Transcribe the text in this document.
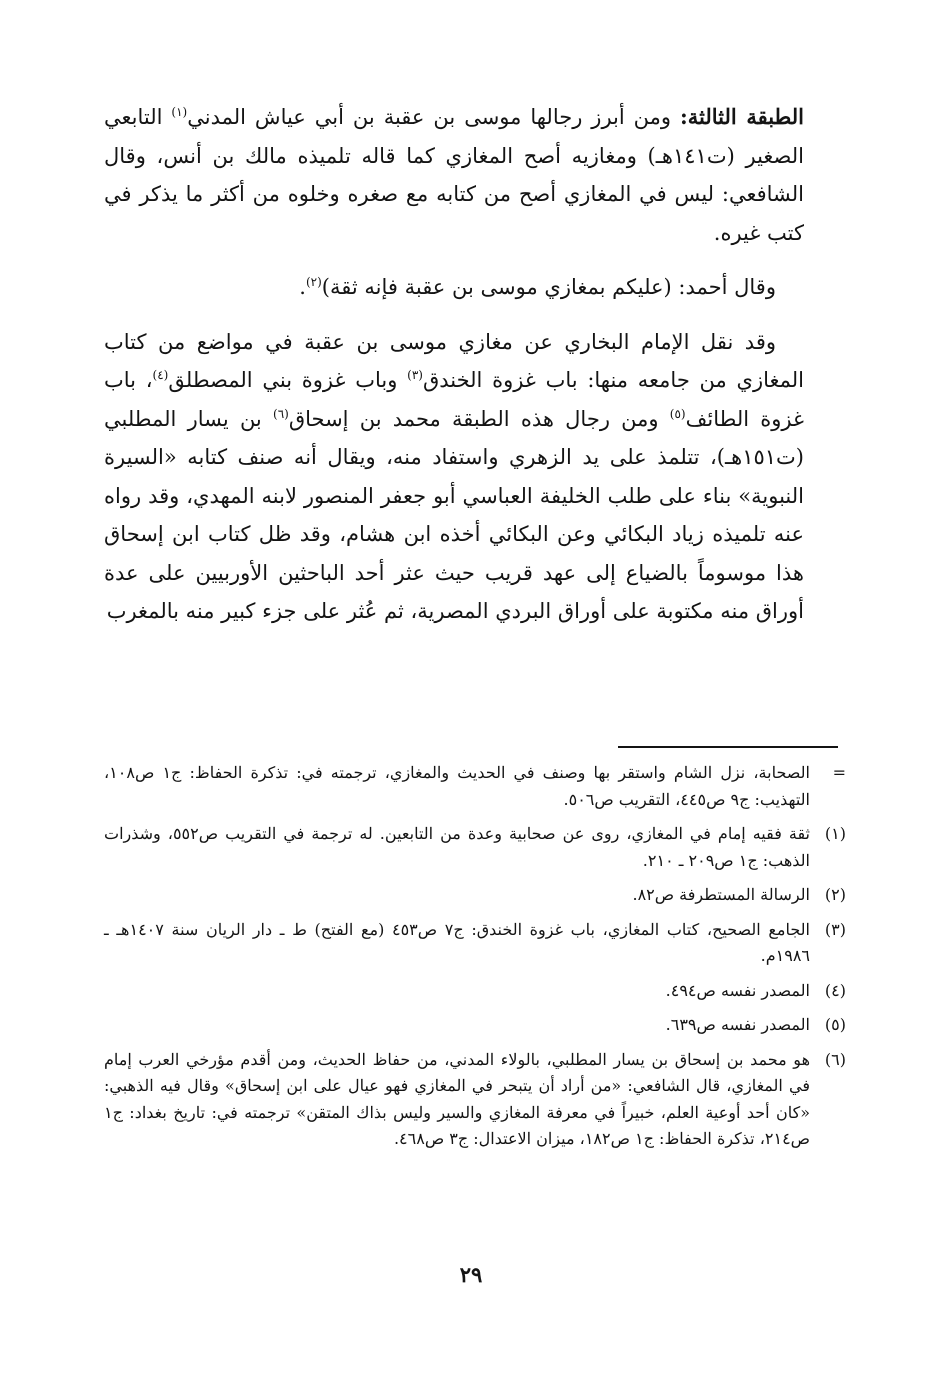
الطبقة الثالثة: ومن أبرز رجالها موسى بن عقبة بن أبي عياش المدني$^{(١)}$ التابعي الصغير (ت١٤١هـ) ومغازيه أصح المغازي كما قاله تلميذه مالك بن أنس، وقال الشافعي: ليس في المغازي أصح من كتابه مع صغره وخلوه من أكثر ما يذكر في كتب غيره.

وقال أحمد: (عليكم بمغازي موسى بن عقبة فإنه ثقة)$^{(٢)}$.

وقد نقل الإمام البخاري عن مغازي موسى بن عقبة في مواضع من كتاب المغازي من جامعه منها: باب غزوة الخندق$^{(٣)}$ وباب غزوة بني المصطلق$^{(٤)}$، باب غزوة الطائف$^{(٥)}$ ومن رجال هذه الطبقة محمد بن إسحاق$^{(٦)}$ بن يسار المطلبي (ت١٥١هـ)، تتلمذ على يد الزهري واستفاد منه، ويقال أنه صنف كتابه «السيرة النبوية» بناء على طلب الخليفة العباسي أبو جعفر المنصور لابنه المهدي، وقد رواه عنه تلميذه زياد البكائي وعن البكائي أخذه ابن هشام، وقد ظل كتاب ابن إسحاق هذا موسوماً بالضياع إلى عهد قريب حيث عثر أحد الباحثين الأوربيين على عدة أوراق منه مكتوبة على أوراق البردي المصرية، ثم عُثر على جزء كبير منه بالمغرب

=
الصحابة، نزل الشام واستقر بها وصنف في الحديث والمغازي، ترجمته في: تذكرة الحفاظ: ج١ ص١٠٨، التهذيب: ج٩ ص٤٤٥، التقريب ص٥٠٦.
(١)
ثقة فقيه إمام في المغازي، روى عن صحابية وعدة من التابعين. له ترجمة في التقريب ص٥٥٢، وشذرات الذهب: ج١ ص٢٠٩ ـ ٢١٠.
(٢)
الرسالة المستطرفة ص٨٢.
(٣)
الجامع الصحيح، كتاب المغازي، باب غزوة الخندق: ج٧ ص٤٥٣ (مع الفتح) ط ـ دار الريان سنة ١٤٠٧هـ ـ ١٩٨٦م.
(٤)
المصدر نفسه ص٤٩٤.
(٥)
المصدر نفسه ص٦٣٩.
(٦)
هو محمد بن إسحاق بن يسار المطلبي، بالولاء المدني، من حفاظ الحديث، ومن أقدم مؤرخي العرب إمام في المغازي، قال الشافعي: «من أراد أن يتبحر في المغازي فهو عيال على ابن إسحاق» وقال فيه الذهبي: «كان أحد أوعية العلم، خبيراً في معرفة المغازي والسير وليس بذاك المتقن» ترجمته في: تاريخ بغداد: ج١ ص٢١٤، تذكرة الحفاظ: ج١ ص١٨٢، ميزان الاعتدال: ج٣ ص٤٦٨.
٢٩
